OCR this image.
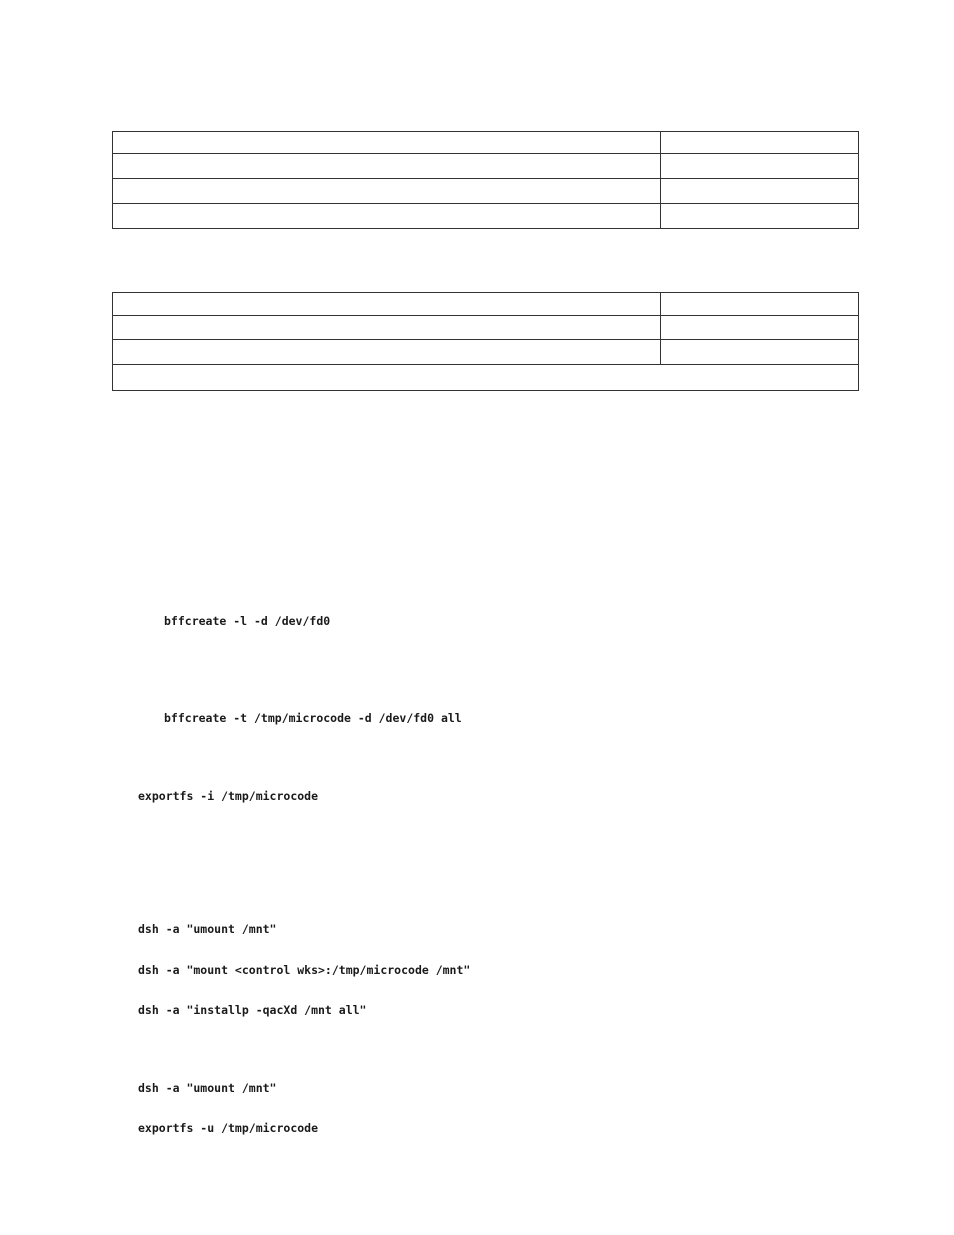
bffcreate -l -d /dev/fd0
bffcreate -t /tmp/microcode -d /dev/fd0 all
exportfs -i /tmp/microcode
dsh -a "umount /mnt"
dsh -a "mount <control wks>:/tmp/microcode /mnt"
dsh -a "installp -qacXd /mnt all"
dsh -a "umount /mnt"
exportfs -u /tmp/microcode
